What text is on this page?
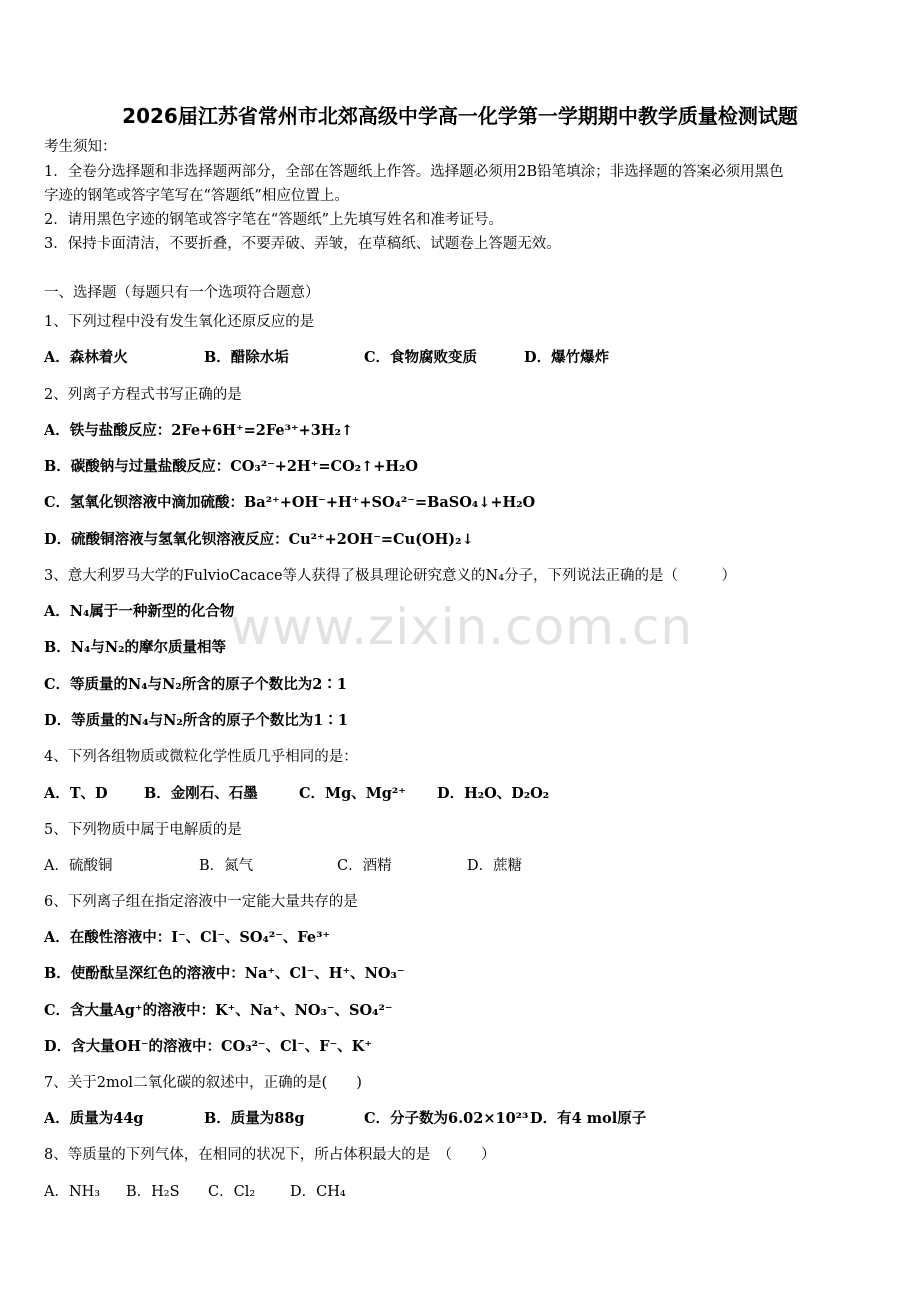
2026届江苏省常州市北郊高级中学高一化学第一学期期中教学质量检测试题
考生须知：
1．全卷分选择题和非选择题两部分，全部在答题纸上作答。选择题必须用2B铅笔填涂；非选择题的答案必须用黑色
字迹的钢笔或答字笔写在“答题纸”相应位置上。
2．请用黑色字迹的钢笔或答字笔在“答题纸”上先填写姓名和准考证号。
3．保持卡面清洁，不要折叠，不要弄破、弄皱，在草稿纸、试题卷上答题无效。
一、选择题（每题只有一个选项符合题意）
1、下列过程中没有发生氧化还原反应的是
A．森林着火	B．醋除水垢	C．食物腐败变质	D．爆竹爆炸
2、列离子方程式书写正确的是
A．铁与盐酸反应：2Fe+6H⁺=2Fe³⁺+3H₂↑
B．碳酸钠与过量盐酸反应：CO₃²⁻+2H⁺=CO₂↑+H₂O
C．氢氧化钡溶液中滴加硫酸：Ba²⁺+OH⁻+H⁺+SO₄²⁻=BaSO₄↓+H₂O
D．硫酸铜溶液与氢氧化钡溶液反应：Cu²⁺+2OH⁻=Cu(OH)₂↓
3、意大利罗马大学的FulvioCacace等人获得了极具理论研究意义的N₄分子，下列说法正确的是（　　　）
A．N₄属于一种新型的化合物
B．N₄与N₂的摩尔质量相等
C．等质量的N₄与N₂所含的原子个数比为2∶1
D．等质量的N₄与N₂所含的原子个数比为1∶1
4、下列各组物质或微粒化学性质几乎相同的是：
A．T、D	B．金刚石、石墨	C．Mg、Mg²⁺ D．H₂O、D₂O₂
5、下列物质中属于电解质的是
A．硫酸铜	B．氮气	C．酒精	D．蔗糖
6、下列离子组在指定溶液中一定能大量共存的是
A．在酸性溶液中：I⁻、Cl⁻、SO₄²⁻、Fe³⁺
B．使酚酞呈深红色的溶液中：Na⁺、Cl⁻、H⁺、NO₃⁻
C．含大量Ag⁺的溶液中：K⁺、Na⁺、NO₃⁻、SO₄²⁻
D．含大量OH⁻的溶液中：CO₃²⁻、Cl⁻、F⁻、K⁺
7、关于2mol二氧化碳的叙述中，正确的是(　　)
A．质量为44g	B．质量为88g	C．分子数为6.02×10²³ D．有4 mol原子
8、等质量的下列气体，在相同的状况下，所占体积最大的是　（　　）
A．NH₃ B．H₂S C．Cl₂ D．CH₄
www.zixin.com.cn
